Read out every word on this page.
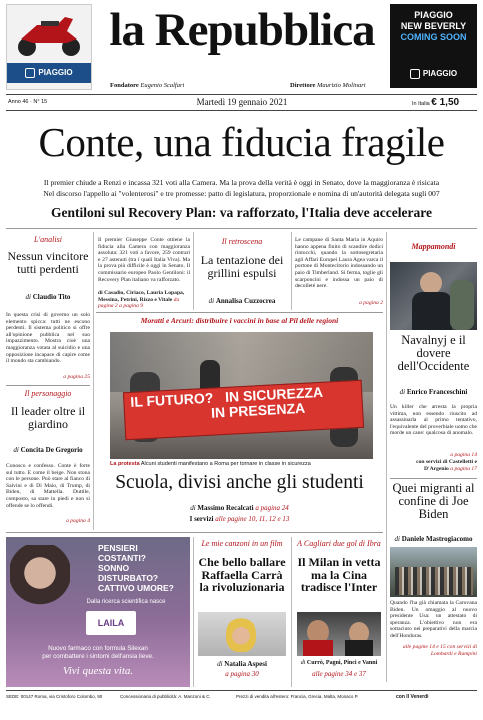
PIAGGIO
la Repubblica
Fondatore Eugenio Scalfari	Direttore Maurizio Molinari
PIAGGIO
NEW BEVERLY
COMING SOON
PIAGGIO
Anno 46 · N° 15	Martedì 19 gennaio 2021	In Italia € 1,50
Conte, una fiducia fragile
Il premier chiude a Renzi e incassa 321 voti alla Camera. Ma la prova della verità è oggi in Senato, dove la maggioranza è risicata
Nel discorso l'appello ai "volenterosi" e tre promesse: patto di legislatura, proporzionale e nomina di un'autorità delegata sugli 007
Gentiloni sul Recovery Plan: va rafforzato, l'Italia deve accelerare
L'analisi
Nessun vincitore tutti perdenti
di Claudio Tito
In questa crisi di governo un solo elemento spicca: tutti ne escono perdenti. Il sistema politico si offre all'opinione pubblica nel suo impazzimento. Mostra cioè una maggioranza votata al suicidio e una opposizione incapace di capire come il mondo sta cambiando.
a pagina 25
Il personaggio
Il leader oltre il giardino
di Concita De Gregorio
Conosco e confesso. Conte è forte sul tutto. E come il beige. Non stona con le persone. Può stare al fianco di Salvini e di Di Maio, di Trump, di Biden, di Mattella. Duttile, composto, sa stare in piedi e non si offende se lo offendi.
a pagina 4
Il premier Giuseppe Conte ottiene la fiducia alla Camera con maggioranza assoluta: 321 voti a favore, 259 contrari e 27 astenuti (tra i quali Italia Viva). Ma la prova più difficile è oggi in Senato. Il commissario europeo Paolo Gentiloni: il Recovery Plan italiano va rafforzato.
di Casadio, Ciriaco, Lauria Lopapa, Messina, Petrini, Rizzo e Vitale da pagina 2 a pagina 9
Il retroscena
La tentazione dei grillini espulsi
di Annalisa Cuzzocrea
Le campane di Santa Maria in Aquiro hanno appena finito di scandire dodici rintocchi, quando la sottosegretaria agli Affari Europei Laura Agea varca il portone di Montecitorio indossando un paio di Timberland. Si ferma, toglie gli scarponcini e indossa un paio di decolleté nere.
a pagina 2
Moratti e Arcuri: distribuire i vaccini in base al Pil delle regioni
IL FUTURO? IN SICUREZZA
IN PRESENZA
La protesta Alcuni studenti manifestano a Roma per tornare in classe in sicurezza
Scuola, divisi anche gli studenti
di Massimo Recalcati a pagina 24
I servizi alle pagine 10, 11, 12 e 13
Mappamondi
Navalnyj e il dovere dell'Occidente
di Enrico Franceschini
Un killer che arresta la propria vittima, non essendo riuscito ad assassinarla al primo tentativo, l'equivalente del proverbiale uomo che morde un cane: qualcosa di anomalo.
a pagina 14
con servizi di Castelletti e D'Argenio a pagina 17
Quei migranti al confine di Joe Biden
di Daniele Mastrogiacomo
Quando l'ha già chiamata la Carovana Biden. Un omaggio al nuovo presidente Usa: un attestato di speranza. L'obiettivo non era sottaciuto nei preparativi della marcia dell'Honduras.
alle pagine 14 e 15 con servizi di Lombardi e Rampini
PENSIERI COSTANTI?
SONNO DISTURBATO?
CATTIVO UMORE?
Dalla ricerca scientifica nasce
LAILA
Nuovo farmaco con formula Silexan
per combattere i sintomi dell'ansia lieve.
Vivi questa vita.
Le mie canzoni in un film
Che bello ballare Raffaella Carrà la rivoluzionaria
di Natalia Aspesi
a pagina 30
A Cagliari due gol di Ibra
Il Milan in vetta ma la Cina tradisce l'Inter
di Currò, Pagni, Pinci e Vanni
alle pagine 34 e 37
SEDE: 00147 Roma, via Cristoforo Colombo, 90	Concessionaria di pubblicità: A. Manzoni & C.	Prezzi di vendita all'estero: Francia, Grecia, Malta, Monaco P.	con Il Venerdì
